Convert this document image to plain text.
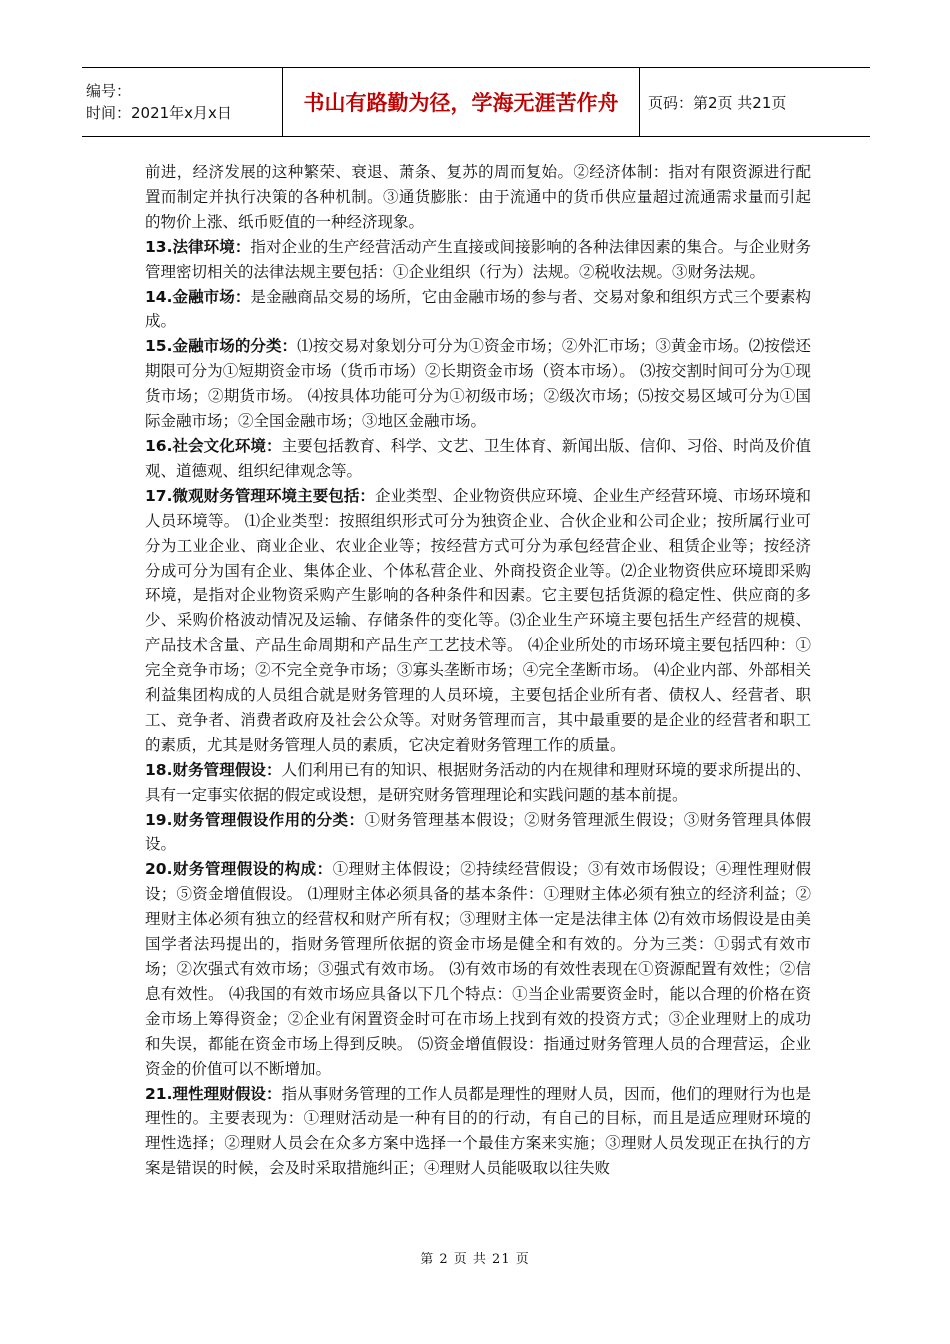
编号：
时间：2021年x月x日	书山有路勤为径，学海无涯苦作舟	页码：第2页 共21页

前进，经济发展的这种繁荣、衰退、萧条、复苏的周而复始。②经济体制：指对有限资源进行配置而制定并执行决策的各种机制。③通货膨胀：由于流通中的货币供应量超过流通需求量而引起的物价上涨、纸币贬值的一种经济现象。

13.法律环境：指对企业的生产经营活动产生直接或间接影响的各种法律因素的集合。与企业财务管理密切相关的法律法规主要包括：①企业组织（行为）法规。②税收法规。③财务法规。

14.金融市场：是金融商品交易的场所，它由金融市场的参与者、交易对象和组织方式三个要素构成。

15.金融市场的分类：⑴按交易对象划分可分为①资金市场；②外汇市场；③黄金市场。⑵按偿还期限可分为①短期资金市场（货币市场）②长期资金市场（资本市场）。 ⑶按交割时间可分为①现货市场；②期货市场。 ⑷按具体功能可分为①初级市场；②级次市场；⑸按交易区域可分为①国际金融市场；②全国金融市场；③地区金融市场。

16.社会文化环境：主要包括教育、科学、文艺、卫生体育、新闻出版、信仰、习俗、时尚及价值观、道德观、组织纪律观念等。

17.微观财务管理环境主要包括：企业类型、企业物资供应环境、企业生产经营环境、市场环境和人员环境等。 ⑴企业类型：按照组织形式可分为独资企业、合伙企业和公司企业；按所属行业可分为工业企业、商业企业、农业企业等；按经营方式可分为承包经营企业、租赁企业等；按经济分成可分为国有企业、集体企业、个体私营企业、外商投资企业等。⑵企业物资供应环境即采购环境，是指对企业物资采购产生影响的各种条件和因素。它主要包括货源的稳定性、供应商的多少、采购价格波动情况及运输、存储条件的变化等。⑶企业生产环境主要包括生产经营的规模、产品技术含量、产品生命周期和产品生产工艺技术等。 ⑷企业所处的市场环境主要包括四种：①完全竞争市场；②不完全竞争市场；③寡头垄断市场；④完全垄断市场。 ⑷企业内部、外部相关利益集团构成的人员组合就是财务管理的人员环境，主要包括企业所有者、债权人、经营者、职工、竞争者、消费者政府及社会公众等。对财务管理而言，其中最重要的是企业的经营者和职工的素质，尤其是财务管理人员的素质，它决定着财务管理工作的质量。

18.财务管理假设：人们利用已有的知识、根据财务活动的内在规律和理财环境的要求所提出的、具有一定事实依据的假定或设想，是研究财务管理理论和实践问题的基本前提。

19.财务管理假设作用的分类：①财务管理基本假设；②财务管理派生假设；③财务管理具体假设。

20.财务管理假设的构成：①理财主体假设；②持续经营假设；③有效市场假设；④理性理财假设；⑤资金增值假设。 ⑴理财主体必须具备的基本条件：①理财主体必须有独立的经济利益；②理财主体必须有独立的经营权和财产所有权；③理财主体一定是法律主体 ⑵有效市场假设是由美国学者法玛提出的，指财务管理所依据的资金市场是健全和有效的。分为三类：①弱式有效市场；②次强式有效市场；③强式有效市场。 ⑶有效市场的有效性表现在①资源配置有效性；②信息有效性。 ⑷我国的有效市场应具备以下几个特点：①当企业需要资金时，能以合理的价格在资金市场上筹得资金；②企业有闲置资金时可在市场上找到有效的投资方式；③企业理财上的成功和失误，都能在资金市场上得到反映。 ⑸资金增值假设：指通过财务管理人员的合理营运，企业资金的价值可以不断增加。

21.理性理财假设：指从事财务管理的工作人员都是理性的理财人员，因而，他们的理财行为也是理性的。主要表现为：①理财活动是一种有目的的行动，有自己的目标，而且是适应理财环境的理性选择；②理财人员会在众多方案中选择一个最佳方案来实施；③理财人员发现正在执行的方案是错误的时候，会及时采取措施纠正；④理财人员能吸取以往失败

第 2 页 共 21 页
